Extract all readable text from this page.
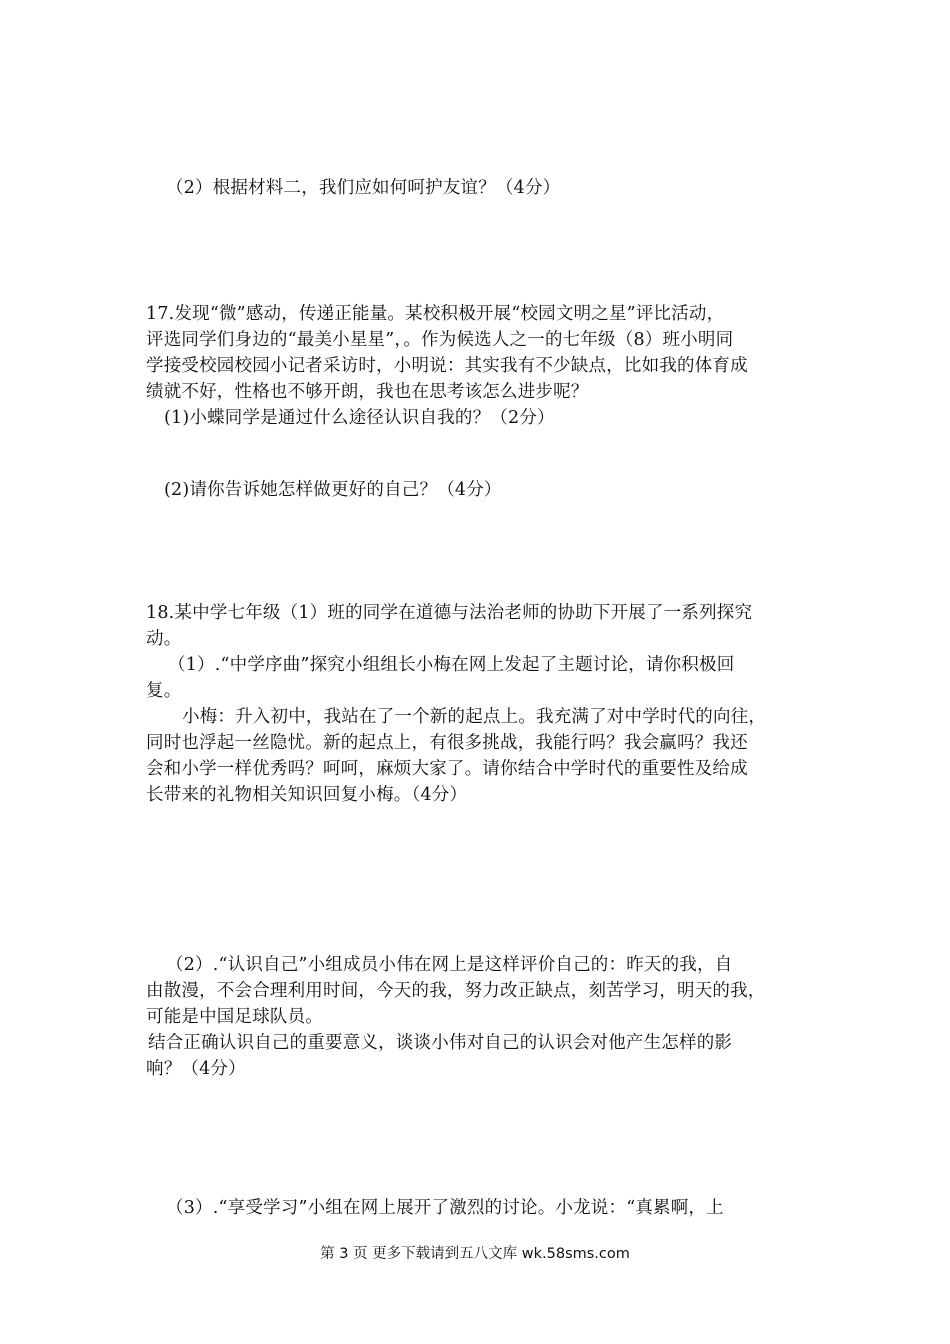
（2）根据材料二，我们应如何呵护友谊？（4分）
17.发现“微”感动，传递正能量。某校积极开展“校园文明之星”评比活动，
评选同学们身边的“最美小星星”，。作为候选人之一的七年级（8）班小明同
学接受校园校园小记者采访时，小明说：其实我有不少缺点，比如我的体育成
绩就不好，性格也不够开朗，我也在思考该怎么进步呢？
(1)小蝶同学是通过什么途径认识自我的？（2分）
(2)请你告诉她怎样做更好的自己？（4分）
18.某中学七年级（1）班的同学在道德与法治老师的协助下开展了一系列探究
动。
（1）.“中学序曲”探究小组组长小梅在网上发起了主题讨论，请你积极回
复。
小梅：升入初中，我站在了一个新的起点上。我充满了对中学时代的向往，
同时也浮起一丝隐忧。新的起点上，有很多挑战，我能行吗？我会赢吗？我还
会和小学一样优秀吗？呵呵，麻烦大家了。请你结合中学时代的重要性及给成
长带来的礼物相关知识回复小梅。（4分）
（2）.“认识自己”小组成员小伟在网上是这样评价自己的：昨天的我，自
由散漫，不会合理利用时间，今天的我，努力改正缺点，刻苦学习，明天的我，
可能是中国足球队员。
结合正确认识自己的重要意义，谈谈小伟对自己的认识会对他产生怎样的影
响？（4分）
（3）.“享受学习”小组在网上展开了激烈的讨论。小龙说：“真累啊，上
第 3 页 更多下载请到五八文库 wk.58sms.com
